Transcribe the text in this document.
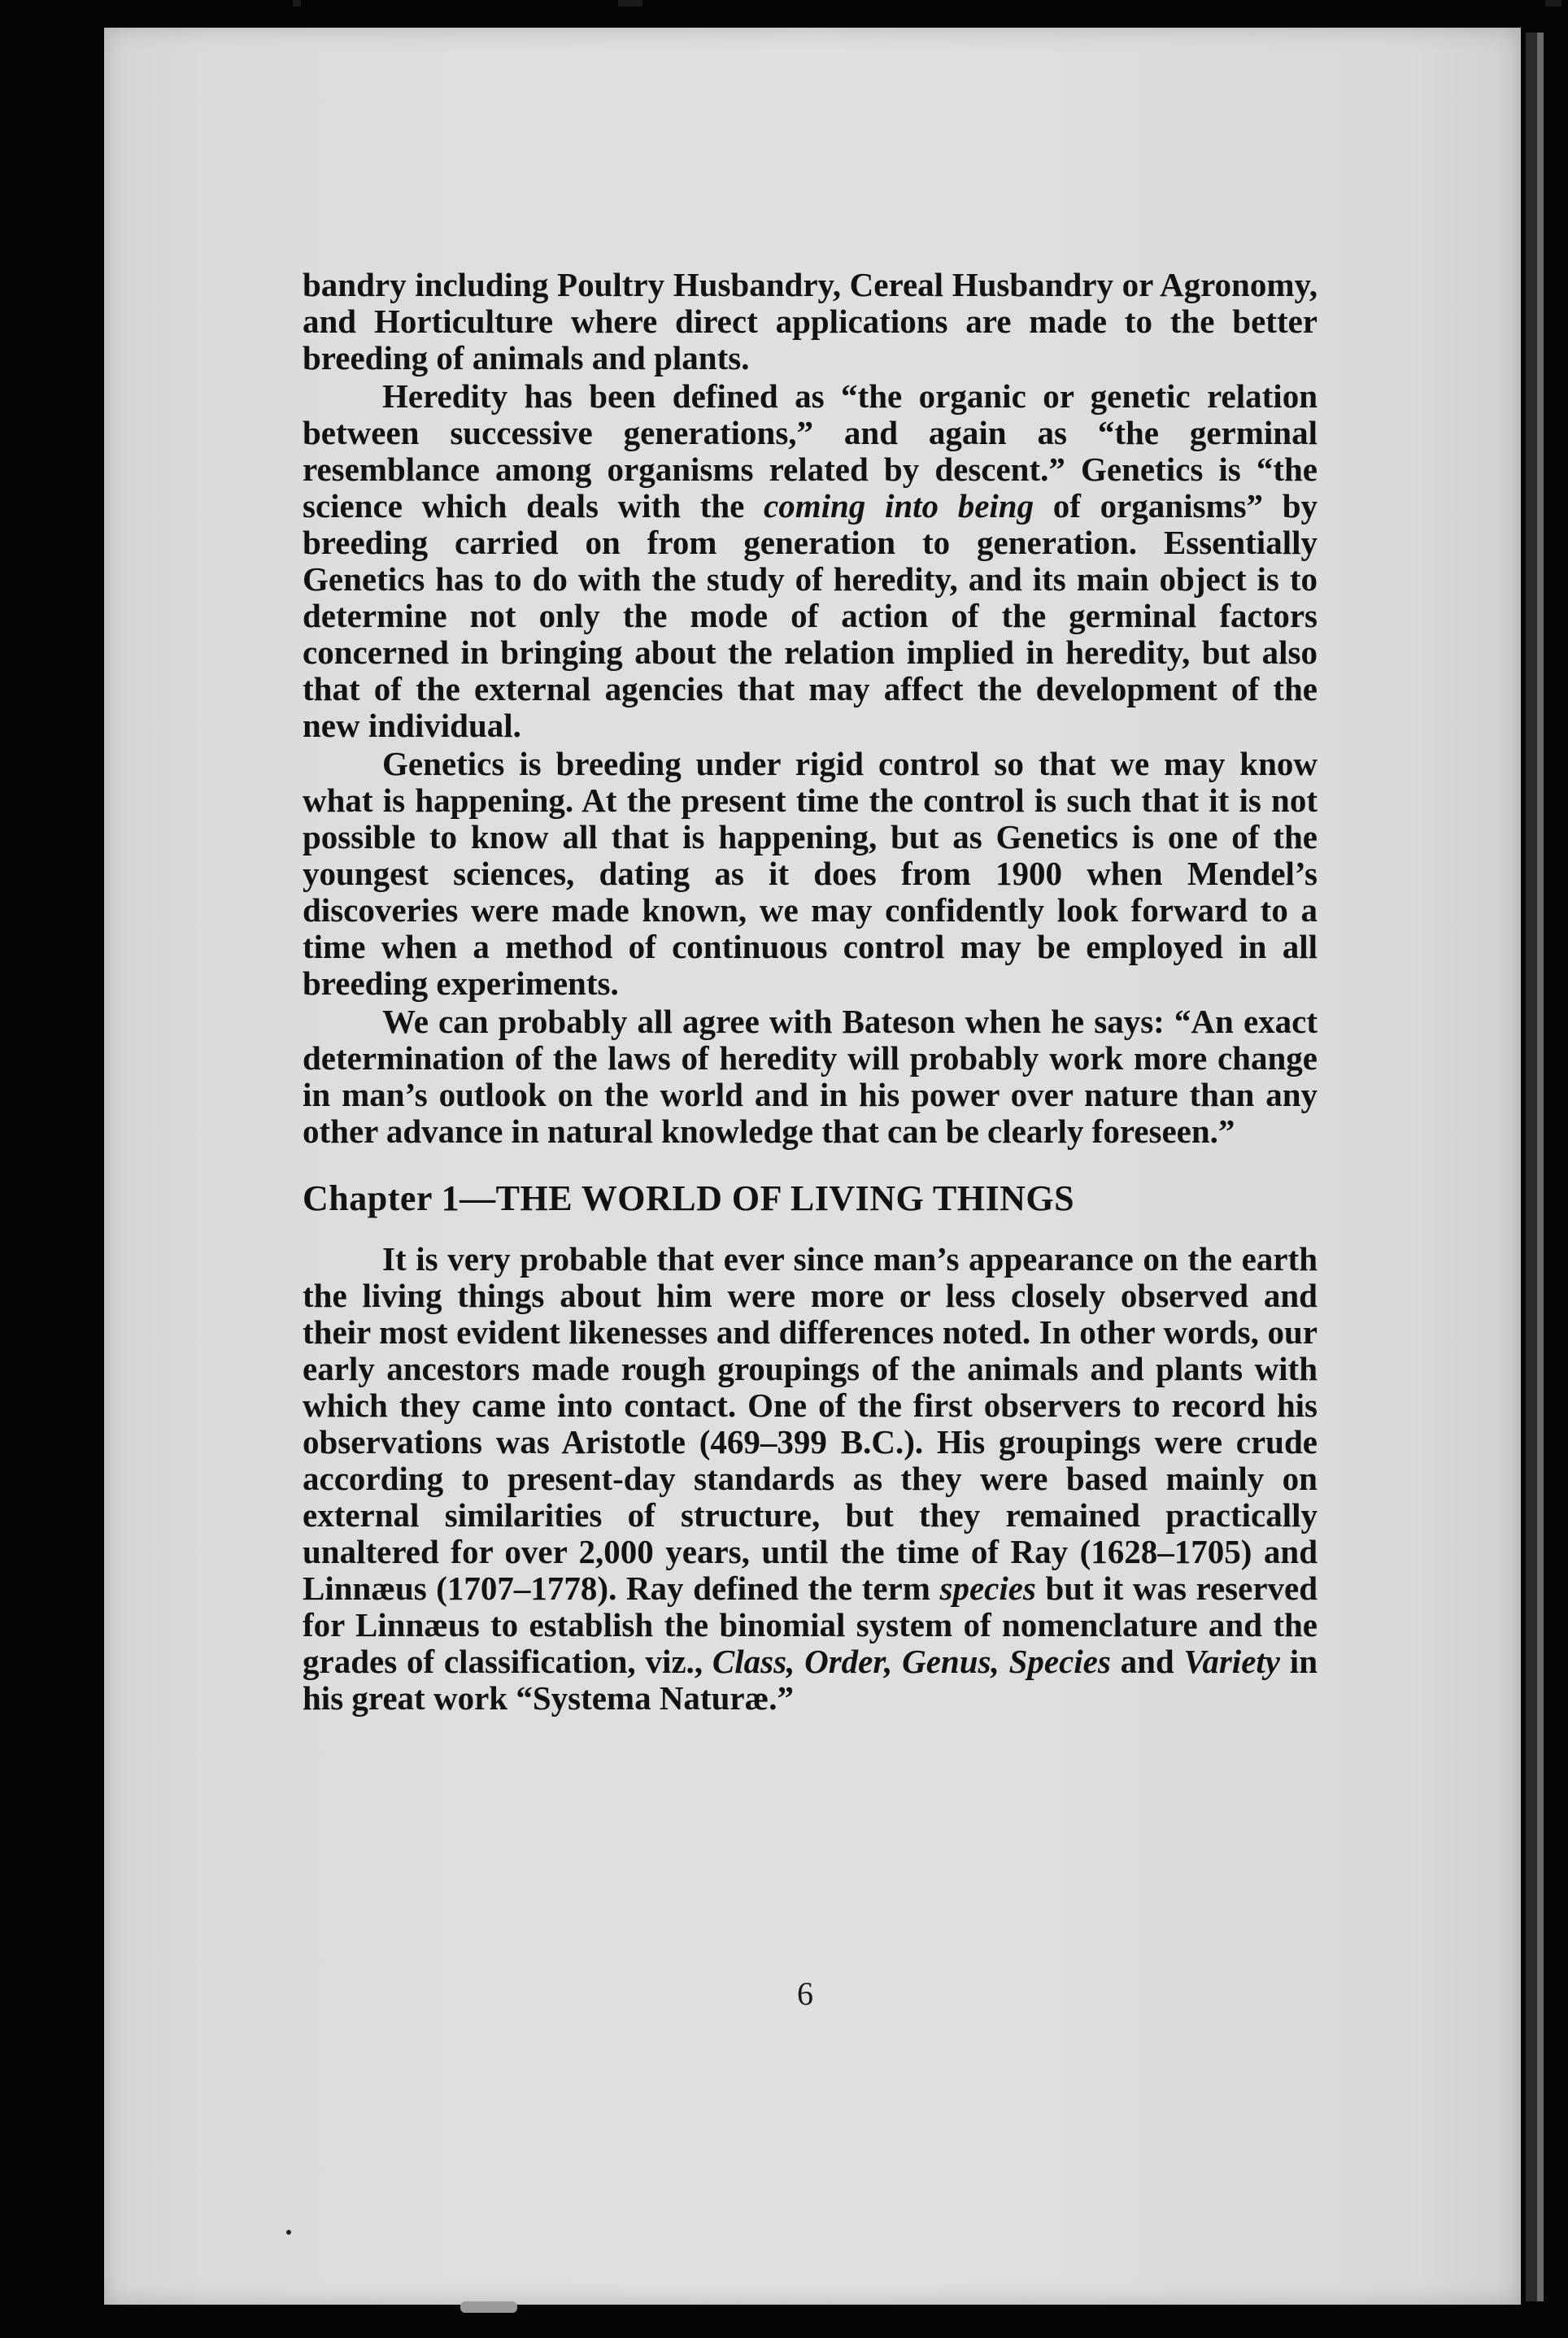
bandry including Poultry Husbandry, Cereal Husbandry or Agronomy, and Horticulture where direct applications are made to the better breeding of animals and plants.

Heredity has been defined as “the organic or genetic relation between successive generations,” and again as “the germinal resemblance among organisms related by descent.” Genetics is “the science which deals with the coming into being of organisms” by breeding carried on from generation to generation. Essentially Genetics has to do with the study of heredity, and its main object is to determine not only the mode of action of the germinal factors concerned in bringing about the relation implied in heredity, but also that of the external agencies that may affect the development of the new individual.

Genetics is breeding under rigid control so that we may know what is happening. At the present time the control is such that it is not possible to know all that is happening, but as Genetics is one of the youngest sciences, dating as it does from 1900 when Mendel’s discoveries were made known, we may confidently look forward to a time when a method of continuous control may be employed in all breeding experiments.

We can probably all agree with Bateson when he says: “An exact determination of the laws of heredity will probably work more change in man’s outlook on the world and in his power over nature than any other advance in natural knowledge that can be clearly foreseen.”

Chapter 1—THE WORLD OF LIVING THINGS

It is very probable that ever since man’s appearance on the earth the living things about him were more or less closely observed and their most evident likenesses and differences noted. In other words, our early ancestors made rough groupings of the animals and plants with which they came into contact. One of the first observers to record his observations was Aristotle (469–399 B.C.). His groupings were crude according to present-day standards as they were based mainly on external similarities of structure, but they remained practically unaltered for over 2,000 years, until the time of Ray (1628–1705) and Linnæus (1707–1778). Ray defined the term species but it was reserved for Linnæus to establish the binomial system of nomenclature and the grades of classification, viz., Class, Order, Genus, Species and Variety in his great work “Systema Naturæ.”

6
